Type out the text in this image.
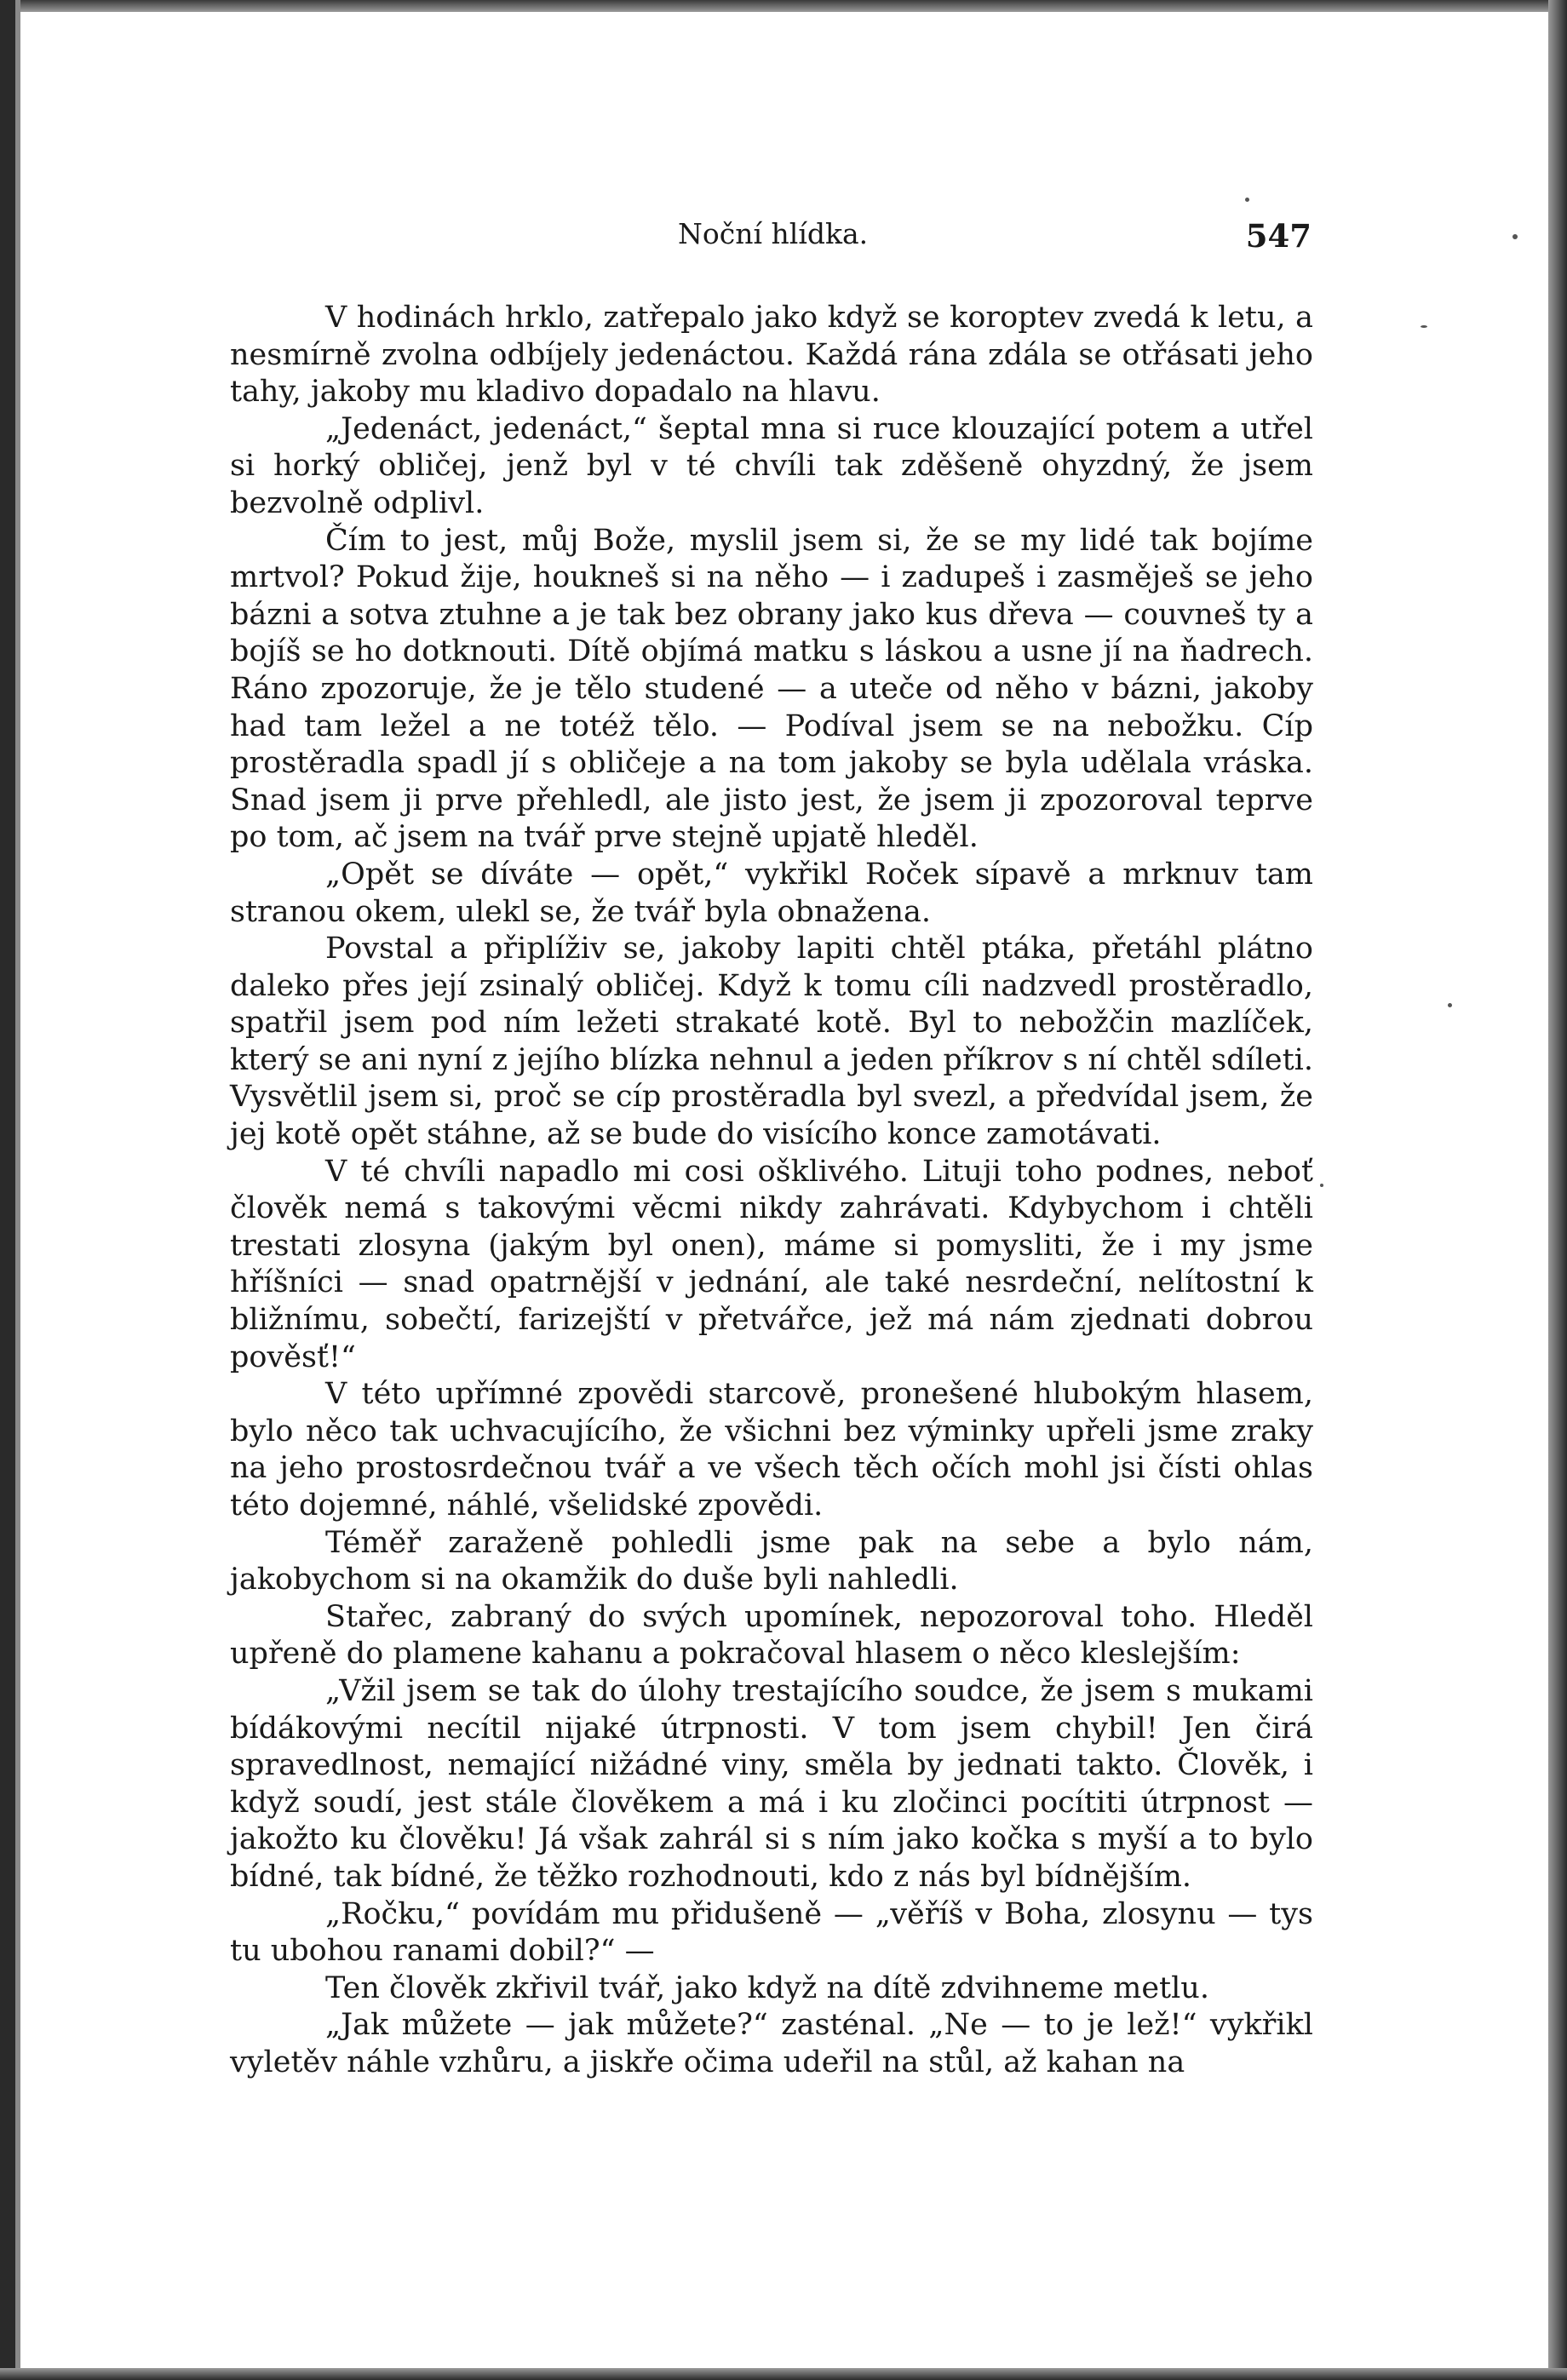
Noční hlídka.	547

V hodinách hrklo, zatřepalo jako když se koroptev zvedá k letu, a nesmírně zvolna odbíjely jedenáctou. Každá rána zdála se otřásati jeho tahy, jakoby mu kladivo dopadalo na hlavu.

„Jedenáct, jedenáct,“ šeptal mna si ruce klouzající potem a utřel si horký obličej, jenž byl v té chvíli tak zděšeně ohyzdný, že jsem bezvolně odplivl.

Čím to jest, můj Bože, myslil jsem si, že se my lidé tak bojíme mrtvol? Pokud žije, houkneš si na něho — i zadupeš i zasměješ se jeho bázni a sotva ztuhne a je tak bez obrany jako kus dřeva — couvneš ty a bojíš se ho dotknouti. Dítě objímá matku s láskou a usne jí na ňadrech. Ráno zpozoruje, že je tělo studené — a uteče od něho v bázni, jakoby had tam ležel a ne totéž tělo. — Podíval jsem se na nebožku. Cíp prostěradla spadl jí s obličeje a na tom jakoby se byla udělala vráska. Snad jsem ji prve přehledl, ale jisto jest, že jsem ji zpozoroval teprve po tom, ač jsem na tvář prve stejně upjatě hleděl.

„Opět se díváte — opět,“ vykřikl Roček sípavě a mrknuv tam stranou okem, ulekl se, že tvář byla obnažena.

Povstal a připlíživ se, jakoby lapiti chtěl ptáka, přetáhl plátno daleko přes její zsinalý obličej. Když k tomu cíli nadzvedl prostěradlo, spatřil jsem pod ním ležeti strakaté kotě. Byl to nebožčin mazlíček, který se ani nyní z jejího blízka nehnul a jeden příkrov s ní chtěl sdíleti. Vysvětlil jsem si, proč se cíp prostěradla byl svezl, a předvídal jsem, že jej kotě opět stáhne, až se bude do visícího konce zamotávati.

V té chvíli napadlo mi cosi ošklivého. Lituji toho podnes, neboť člověk nemá s takovými věcmi nikdy zahrávati. Kdybychom i chtěli trestati zlosyna (jakým byl onen), máme si pomysliti, že i my jsme hříšníci — snad opatrnější v jednání, ale také nesrdeční, nelítostní k bližnímu, sobečtí, farizejští v přetvářce, jež má nám zjednati dobrou pověsť!“

V této upřímné zpovědi starcově, pronešené hlubokým hlasem, bylo něco tak uchvacujícího, že všichni bez výminky upřeli jsme zraky na jeho prostosrdečnou tvář a ve všech těch očích mohl jsi čísti ohlas této dojemné, náhlé, všelidské zpovědi.

Téměř zaraženě pohledli jsme pak na sebe a bylo nám, jakobychom si na okamžik do duše byli nahledli.

Stařec, zabraný do svých upomínek, nepozoroval toho. Hleděl upřeně do plamene kahanu a pokračoval hlasem o něco kleslejším:

„Vžil jsem se tak do úlohy trestajícího soudce, že jsem s mukami bídákovými necítil nijaké útrpnosti. V tom jsem chybil! Jen čirá spravedlnost, nemající nižádné viny, směla by jednati takto. Člověk, i když soudí, jest stále člověkem a má i ku zločinci pocítiti útrpnost — jakožto ku člověku! Já však zahrál si s ním jako kočka s myší a to bylo bídné, tak bídné, že těžko rozhodnouti, kdo z nás byl bídnějším.

„Ročku,“ povídám mu přidušeně — „věříš v Boha, zlosynu — tys tu ubohou ranami dobil?“ —

Ten člověk zkřivil tvář, jako když na dítě zdvihneme metlu.

„Jak můžete — jak můžete?“ zasténal. „Ne — to je lež!“ vykřikl vyletěv náhle vzhůru, a jiskře očima udeřil na stůl, až kahan na
